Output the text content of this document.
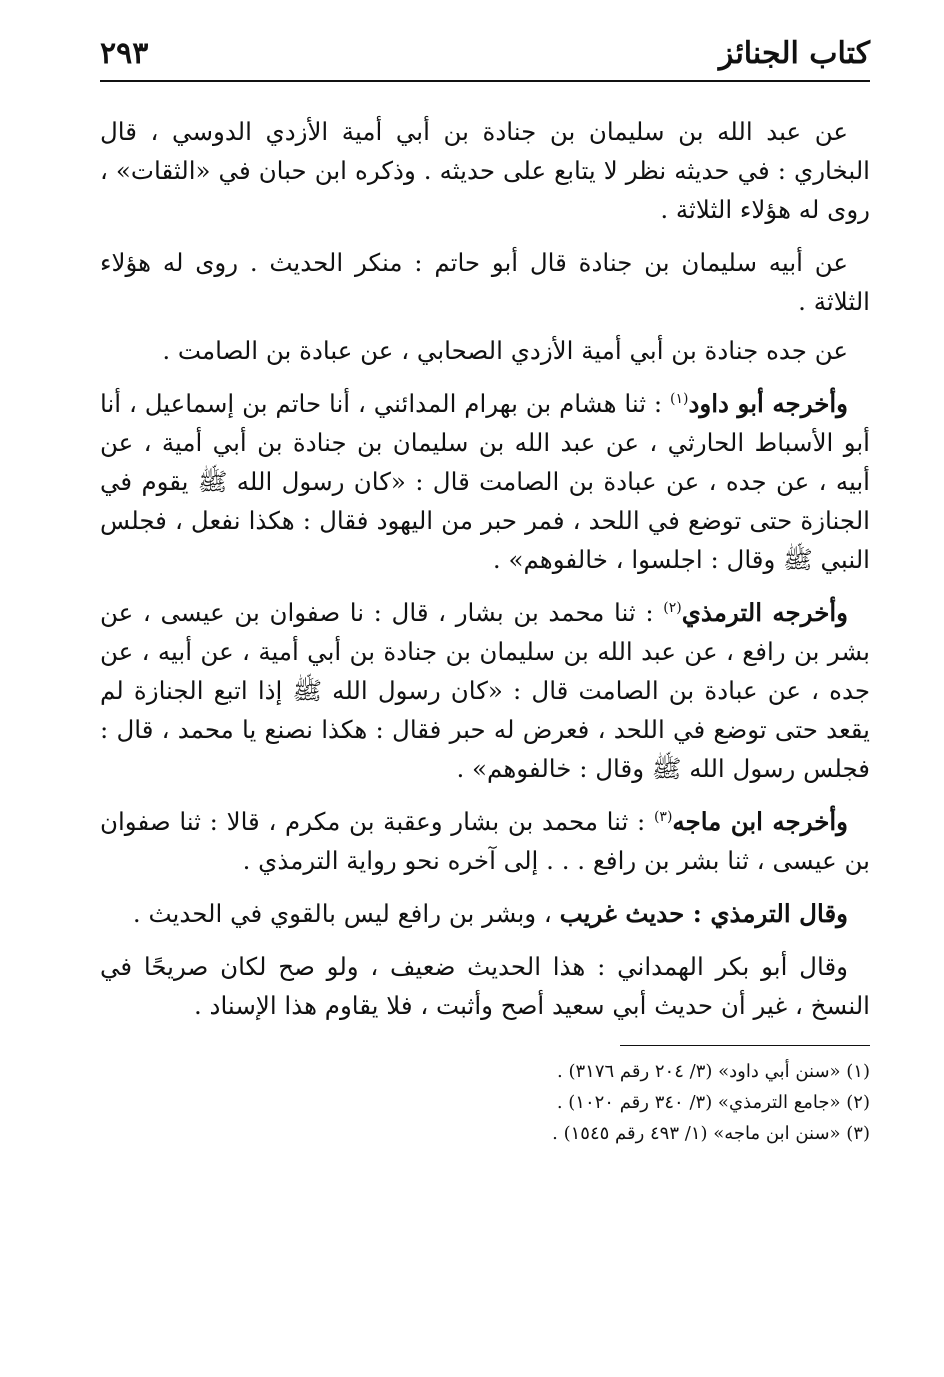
كتاب الجنائز
٢٩٣

عن عبد الله بن سليمان بن جنادة بن أبي أمية الأزدي الدوسي ، قال البخاري : في حديثه نظر لا يتابع على حديثه . وذكره ابن حبان في «الثقات» ، روى له هؤلاء الثلاثة .

عن أبيه سليمان بن جنادة قال أبو حاتم : منكر الحديث . روى له هؤلاء الثلاثة .

عن جده جنادة بن أبي أمية الأزدي الصحابي ، عن عبادة بن الصامت .

وأخرجه أبو داود$^{(١)}$ : ثنا هشام بن بهرام المدائني ، أنا حاتم بن إسماعيل ، أنا أبو الأسباط الحارثي ، عن عبد الله بن سليمان بن جنادة بن أبي أمية ، عن أبيه ، عن جده ، عن عبادة بن الصامت قال : «كان رسول الله ﷺ يقوم في الجنازة حتى توضع في اللحد ، فمر حبر من اليهود فقال : هكذا نفعل ، فجلس النبي ﷺ وقال : اجلسوا ، خالفوهم» .

وأخرجه الترمذي$^{(٢)}$ : ثنا محمد بن بشار ، قال : نا صفوان بن عيسى ، عن بشر بن رافع ، عن عبد الله بن سليمان بن جنادة بن أبي أمية ، عن أبيه ، عن جده ، عن عبادة بن الصامت قال : «كان رسول الله ﷺ إذا اتبع الجنازة لم يقعد حتى توضع في اللحد ، فعرض له حبر فقال : هكذا نصنع يا محمد ، قال : فجلس رسول الله ﷺ وقال : خالفوهم» .

وأخرجه ابن ماجه$^{(٣)}$ : ثنا محمد بن بشار وعقبة بن مكرم ، قالا : ثنا صفوان بن عيسى ، ثنا بشر بن رافع . . . إلى آخره نحو رواية الترمذي .

وقال الترمذي : حديث غريب ، وبشر بن رافع ليس بالقوي في الحديث .

وقال أبو بكر الهمداني : هذا الحديث ضعيف ، ولو صح لكان صريحًا في النسخ ، غير أن حديث أبي سعيد أصح وأثبت ، فلا يقاوم هذا الإسناد .

(١) «سنن أبي داود» (٣/ ٢٠٤ رقم ٣١٧٦) .

(٢) «جامع الترمذي» (٣/ ٣٤٠ رقم ١٠٢٠) .

(٣) «سنن ابن ماجه» (١/ ٤٩٣ رقم ١٥٤٥) .
